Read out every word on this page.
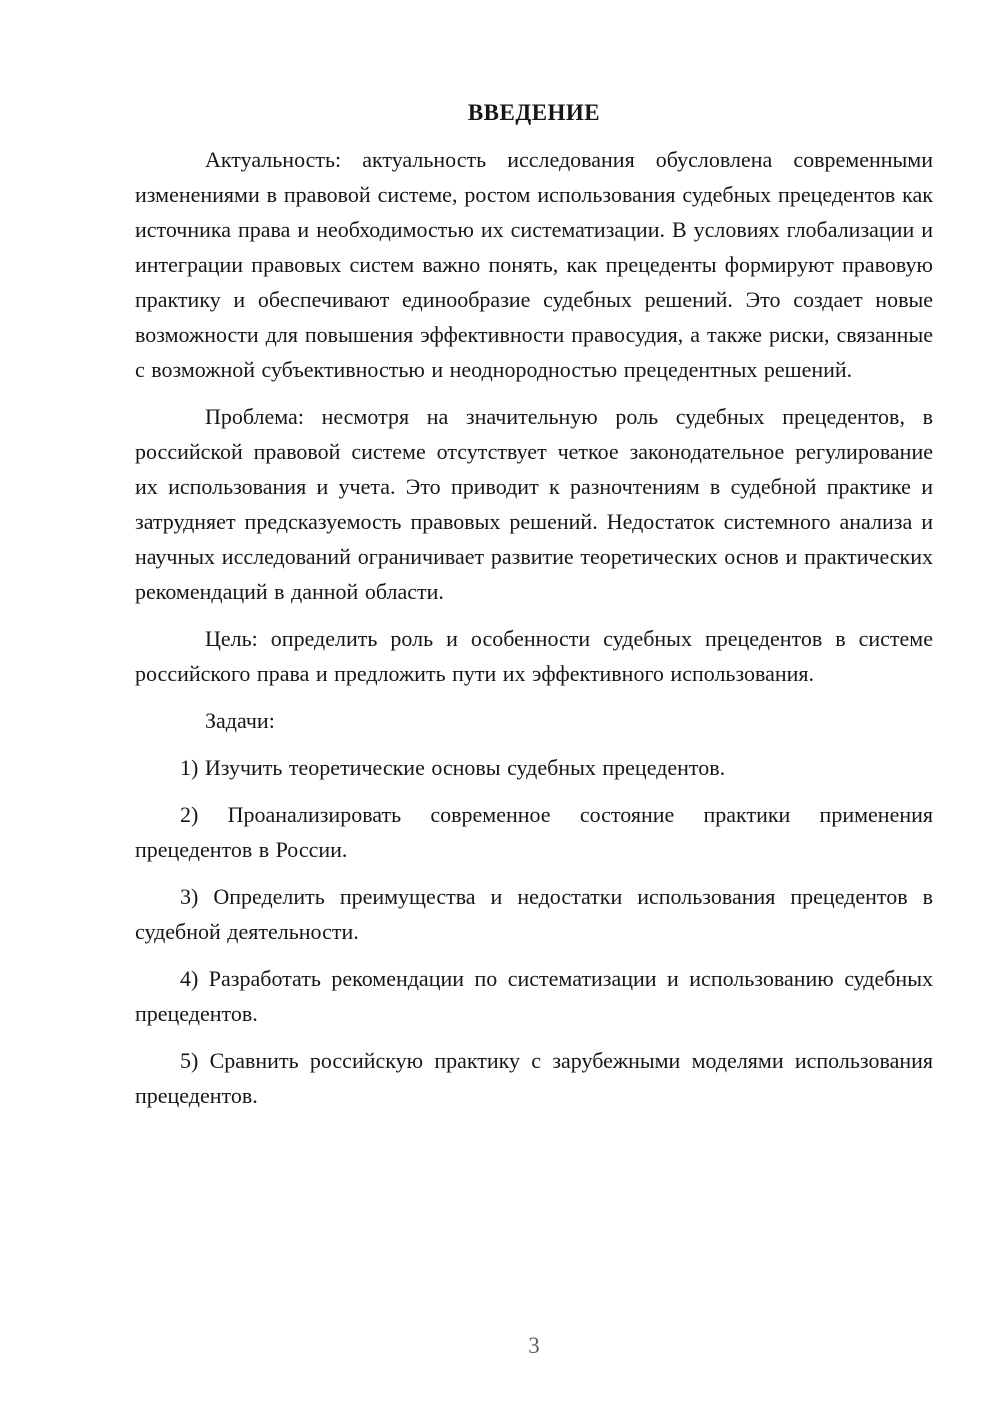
ВВЕДЕНИЕ

Актуальность: актуальность исследования обусловлена современными изменениями в правовой системе, ростом использования судебных прецедентов как источника права и необходимостью их систематизации. В условиях глобализации и интеграции правовых систем важно понять, как прецеденты формируют правовую практику и обеспечивают единообразие судебных решений. Это создает новые возможности для повышения эффективности правосудия, а также риски, связанные с возможной субъективностью и неоднородностью прецедентных решений.

Проблема: несмотря на значительную роль судебных прецедентов, в российской правовой системе отсутствует четкое законодательное регулирование их использования и учета. Это приводит к разночтениям в судебной практике и затрудняет предсказуемость правовых решений. Недостаток системного анализа и научных исследований ограничивает развитие теоретических основ и практических рекомендаций в данной области.

Цель: определить роль и особенности судебных прецедентов в системе российского права и предложить пути их эффективного использования.

Задачи:

1) Изучить теоретические основы судебных прецедентов.

2) Проанализировать современное состояние практики применения прецедентов в России.

3) Определить преимущества и недостатки использования прецедентов в судебной деятельности.

4) Разработать рекомендации по систематизации и использованию судебных прецедентов.

5) Сравнить российскую практику с зарубежными моделями использования прецедентов.

3
